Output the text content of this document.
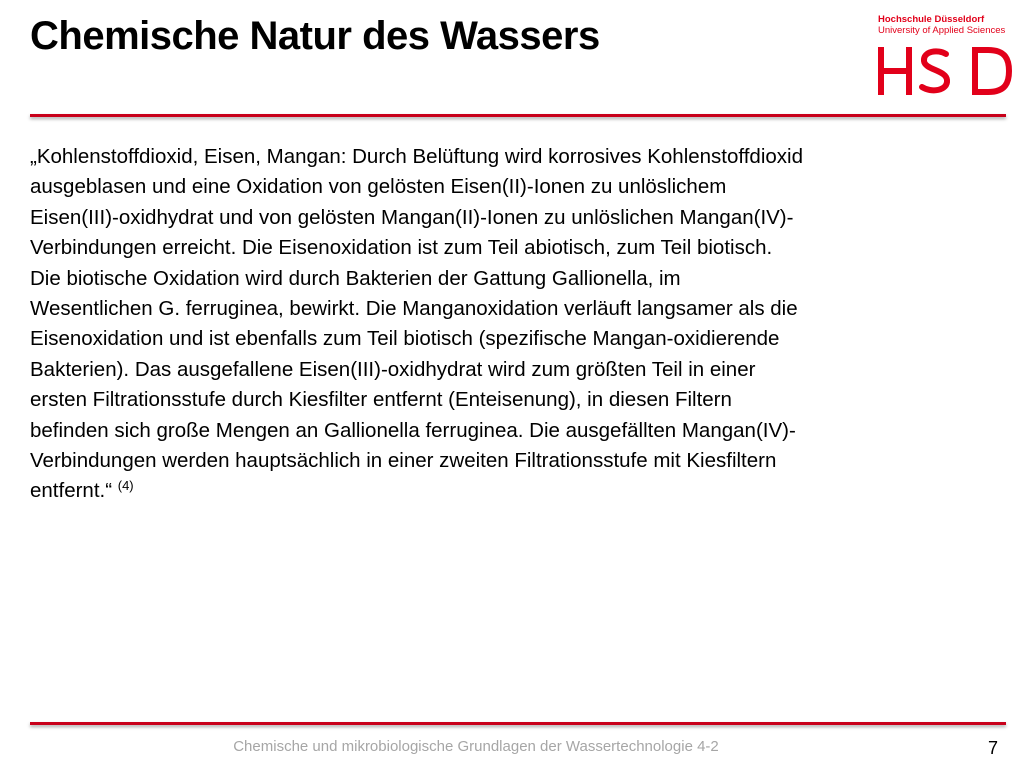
Chemische Natur des Wassers	Hochschule Düsseldorf
University of Applied Sciences
„Kohlenstoffdioxid, Eisen, Mangan: Durch Belüftung wird korrosives Kohlenstoffdioxid
ausgeblasen und eine Oxidation von gelösten Eisen(II)-Ionen zu unlöslichem
Eisen(III)-oxidhydrat und von gelösten Mangan(II)-Ionen zu unlöslichen Mangan(IV)-
Verbindungen erreicht. Die Eisenoxidation ist zum Teil abiotisch, zum Teil biotisch.
Die biotische Oxidation wird durch Bakterien der Gattung Gallionella, im
Wesentlichen G. ferruginea, bewirkt. Die Manganoxidation verläuft langsamer als die
Eisenoxidation und ist ebenfalls zum Teil biotisch (spezifische Mangan-oxidierende
Bakterien). Das ausgefallene Eisen(III)-oxidhydrat wird zum größten Teil in einer
ersten Filtrationsstufe durch Kiesfilter entfernt (Enteisenung), in diesen Filtern
befinden sich große Mengen an Gallionella ferruginea. Die ausgefällten Mangan(IV)-
Verbindungen werden hauptsächlich in einer zweiten Filtrationsstufe mit Kiesfiltern
entfernt.“ $^{(4)}$
Chemische und mikrobiologische Grundlagen der Wassertechnologie 4-2	7
